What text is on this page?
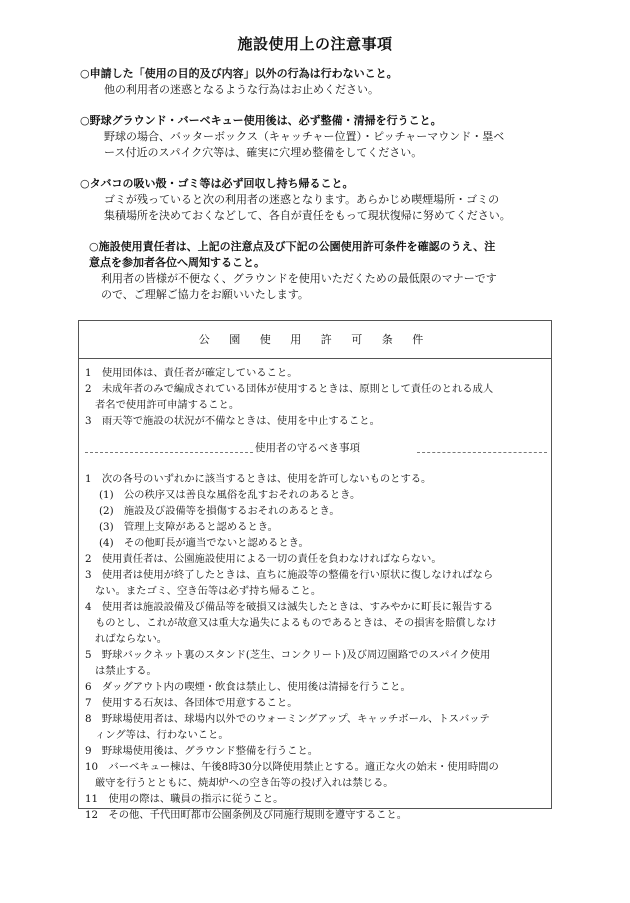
施設使用上の注意事項
○申請した「使用の目的及び内容」以外の行為は行わないこと。
他の利用者の迷惑となるような行為はお止めください。
○野球グラウンド・バーベキュー使用後は、必ず整備・清掃を行うこと。
野球の場合、バッターボックス（キャッチャー位置）・ピッチャーマウンド・塁ベ
ース付近のスパイク穴等は、確実に穴埋め整備をしてください。
○タバコの吸い殻・ゴミ等は必ず回収し持ち帰ること。
ゴミが残っていると次の利用者の迷惑となります。あらかじめ喫煙場所・ゴミの
集積場所を決めておくなどして、各自が責任をもって現状復帰に努めてください。
○施設使用責任者は、上記の注意点及び下記の公園使用許可条件を確認のうえ、注
意点を参加者各位へ周知すること。
利用者の皆様が不便なく、グラウンドを使用いただくための最低限のマナーです
ので、ご理解ご協力をお願いいたします。
公 園 使 用 許 可 条 件
1　使用団体は、責任者が確定していること。
2　未成年者のみで編成されている団体が使用するときは、原則として責任のとれる成人
者名で使用許可申請すること。
3　雨天等で施設の状況が不備なときは、使用を中止すること。
使用者の守るべき事項
1　次の各号のいずれかに該当するときは、使用を許可しないものとする。
(1)　公の秩序又は善良な風俗を乱すおそれのあるとき。
(2)　施設及び設備等を損傷するおそれのあるとき。
(3)　管理上支障があると認めるとき。
(4)　その他町長が適当でないと認めるとき。
2　使用責任者は、公園施設使用による一切の責任を負わなければならない。
3　使用者は使用が終了したときは、直ちに施設等の整備を行い原状に復しなければなら
ない。またゴミ、空き缶等は必ず持ち帰ること。
4　使用者は施設設備及び備品等を破損又は滅失したときは、すみやかに町長に報告する
ものとし、これが故意又は重大な過失によるものであるときは、その損害を賠償しなけ
ればならない。
5　野球バックネット裏のスタンド(芝生、コンクリート)及び周辺園路でのスパイク使用
は禁止する。
6　ダッグアウト内の喫煙・飲食は禁止し、使用後は清掃を行うこと。
7　使用する石灰は、各団体で用意すること。
8　野球場使用者は、球場内以外でのウォーミングアップ、キャッチボール、トスバッテ
ィング等は、行わないこと。
9　野球場使用後は、グラウンド整備を行うこと。
10　バーベキュー棟は、午後8時30分以降使用禁止とする。適正な火の始末・使用時間の
厳守を行うとともに、焼却炉への空き缶等の投げ入れは禁じる。
11　使用の際は、職員の指示に従うこと。
12　その他、千代田町都市公園条例及び同施行規則を遵守すること。
